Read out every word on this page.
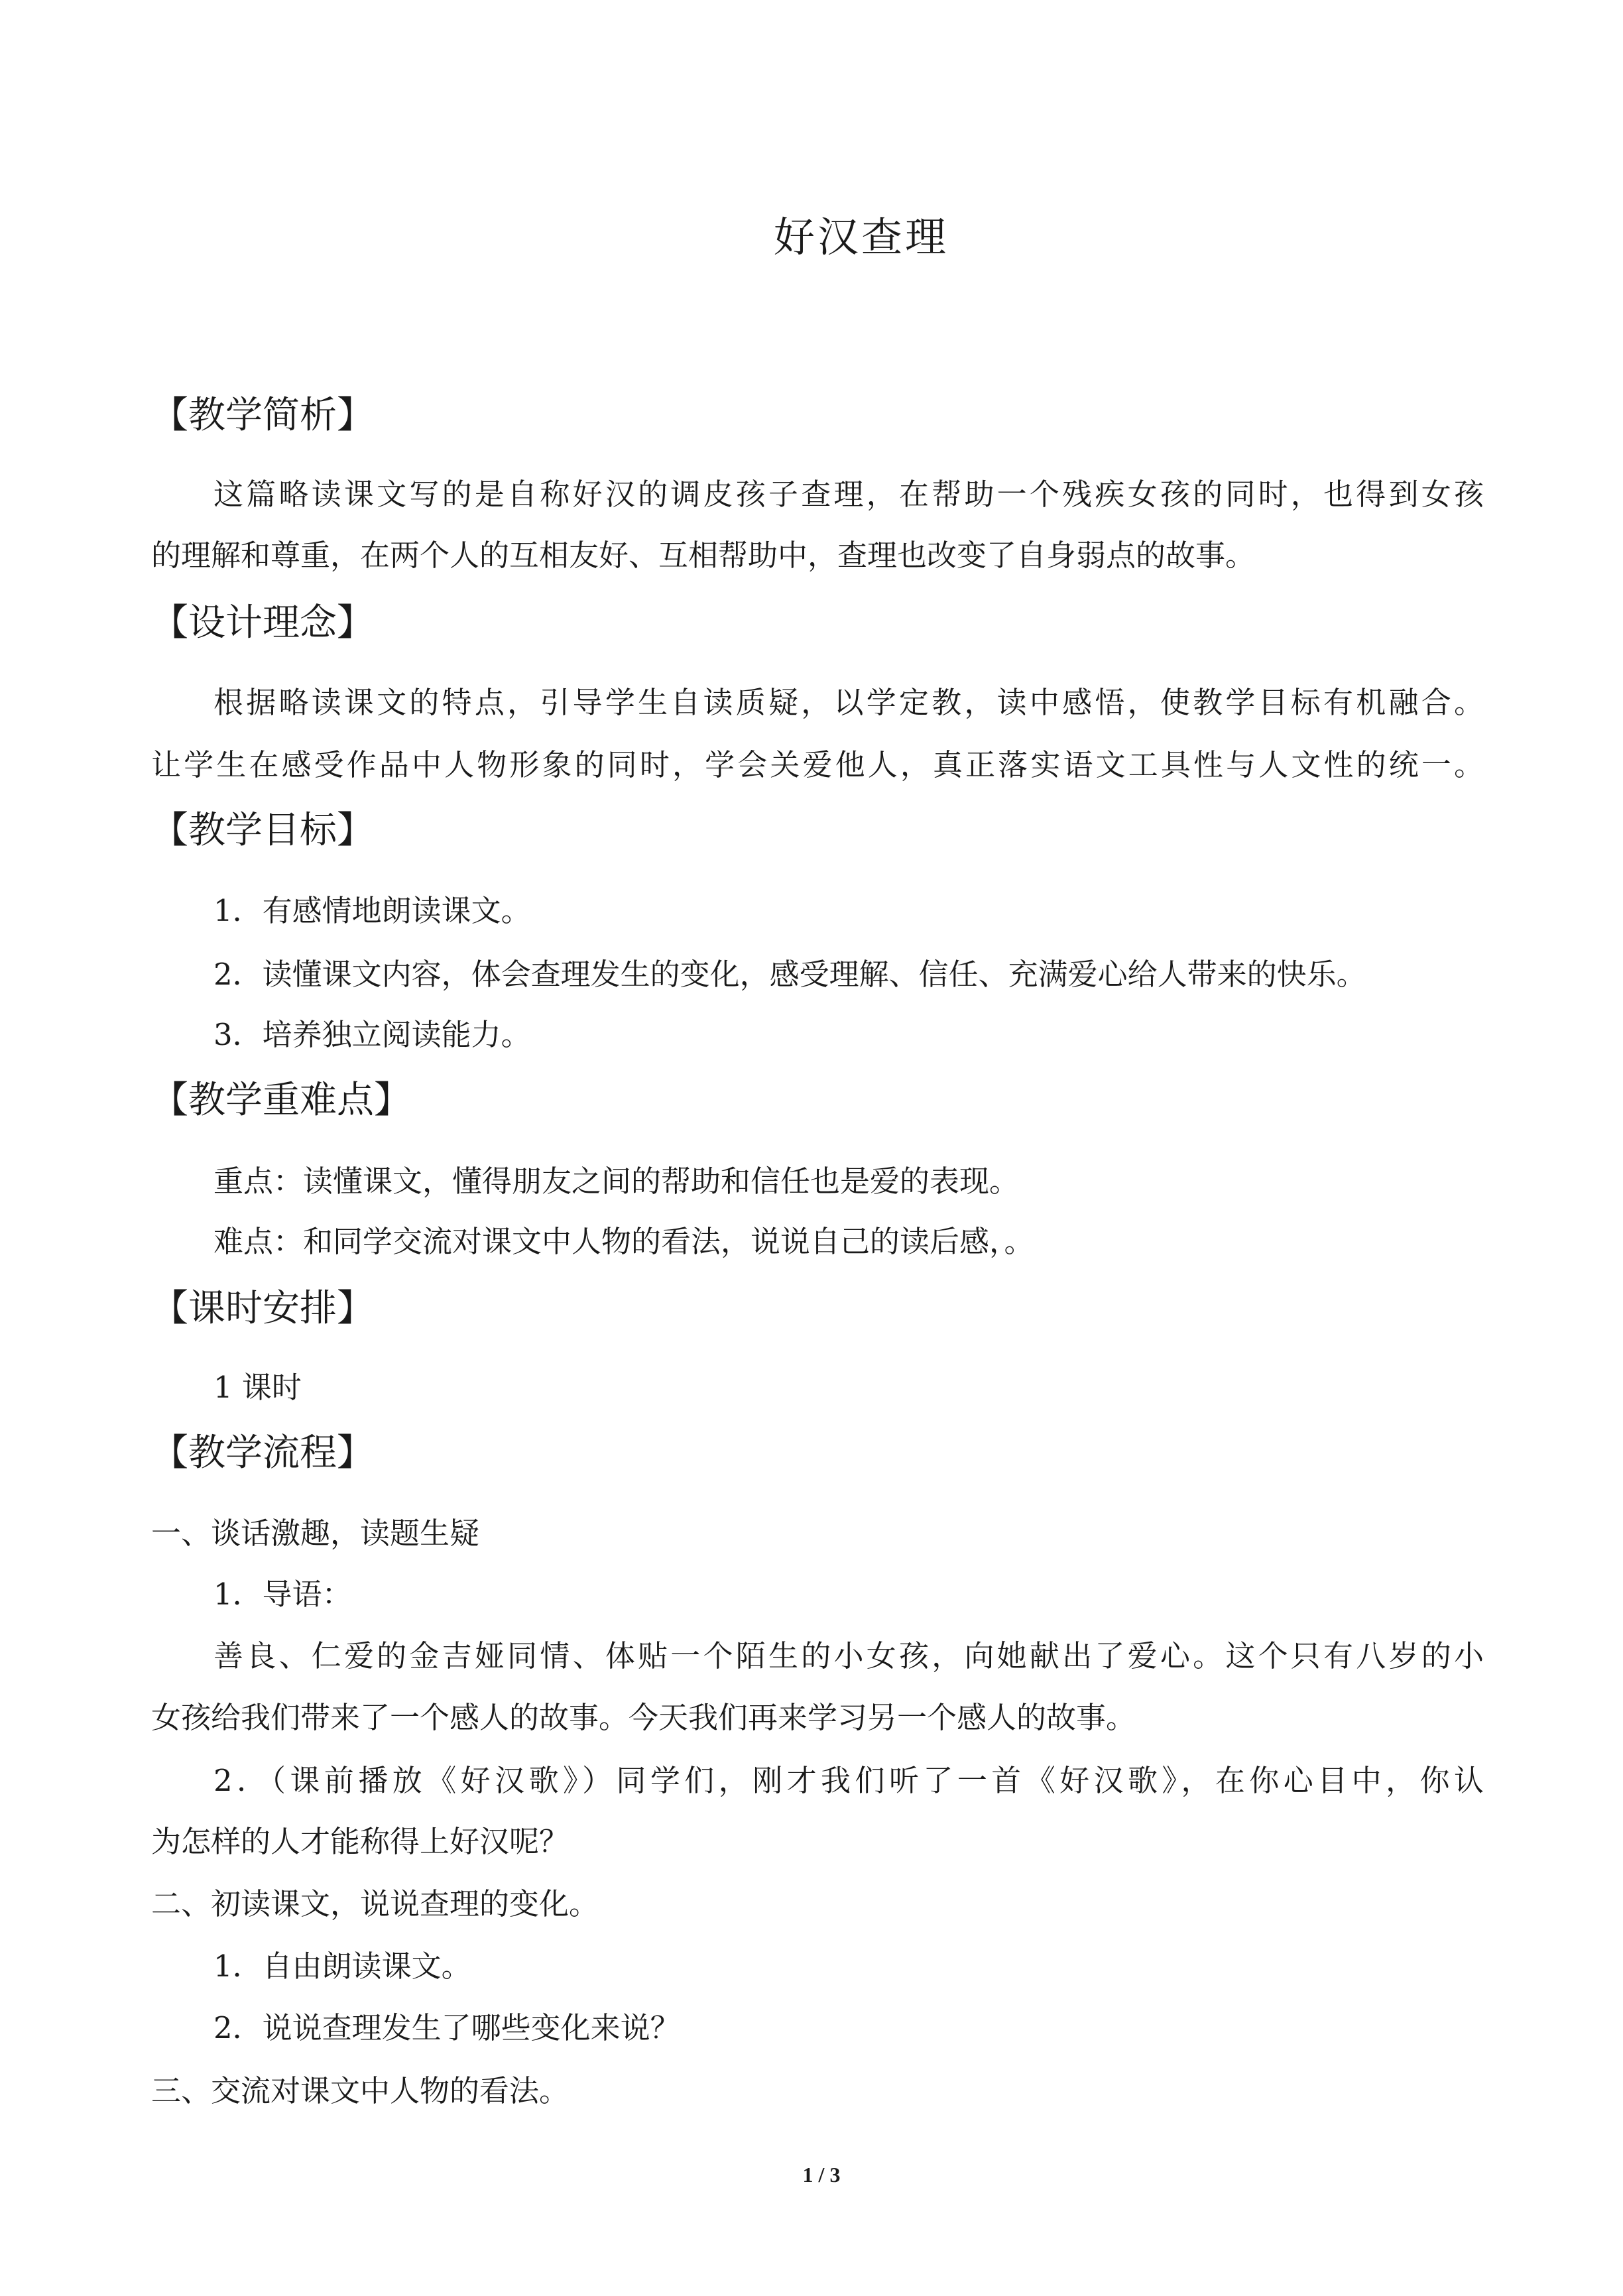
好汉查理
【教学简析】
这篇略读课文写的是自称好汉的调皮孩子查理，在帮助一个残疾女孩的同时，也得到女孩
的理解和尊重，在两个人的互相友好、互相帮助中，查理也改变了自身弱点的故事。
【设计理念】
根据略读课文的特点，引导学生自读质疑，以学定教，读中感悟，使教学目标有机融合。
让学生在感受作品中人物形象的同时，学会关爱他人，真正落实语文工具性与人文性的统一。
【教学目标】
1．有感情地朗读课文。
2．读懂课文内容，体会查理发生的变化，感受理解、信任、充满爱心给人带来的快乐。
3．培养独立阅读能力。
【教学重难点】
重点：读懂课文，懂得朋友之间的帮助和信任也是爱的表现。
难点：和同学交流对课文中人物的看法，说说自己的读后感，。
【课时安排】
1 课时
【教学流程】
一、谈话激趣，读题生疑
1．导语：
善良、仁爱的金吉娅同情、体贴一个陌生的小女孩，向她献出了爱心。这个只有八岁的小
女孩给我们带来了一个感人的故事。今天我们再来学习另一个感人的故事。
2．（课前播放《好汉歌》）同学们，刚才我们听了一首《好汉歌》，在你心目中，你认
为怎样的人才能称得上好汉呢？
二、初读课文，说说查理的变化。
1．自由朗读课文。
2．说说查理发生了哪些变化来说？
三、交流对课文中人物的看法。
1 / 3
